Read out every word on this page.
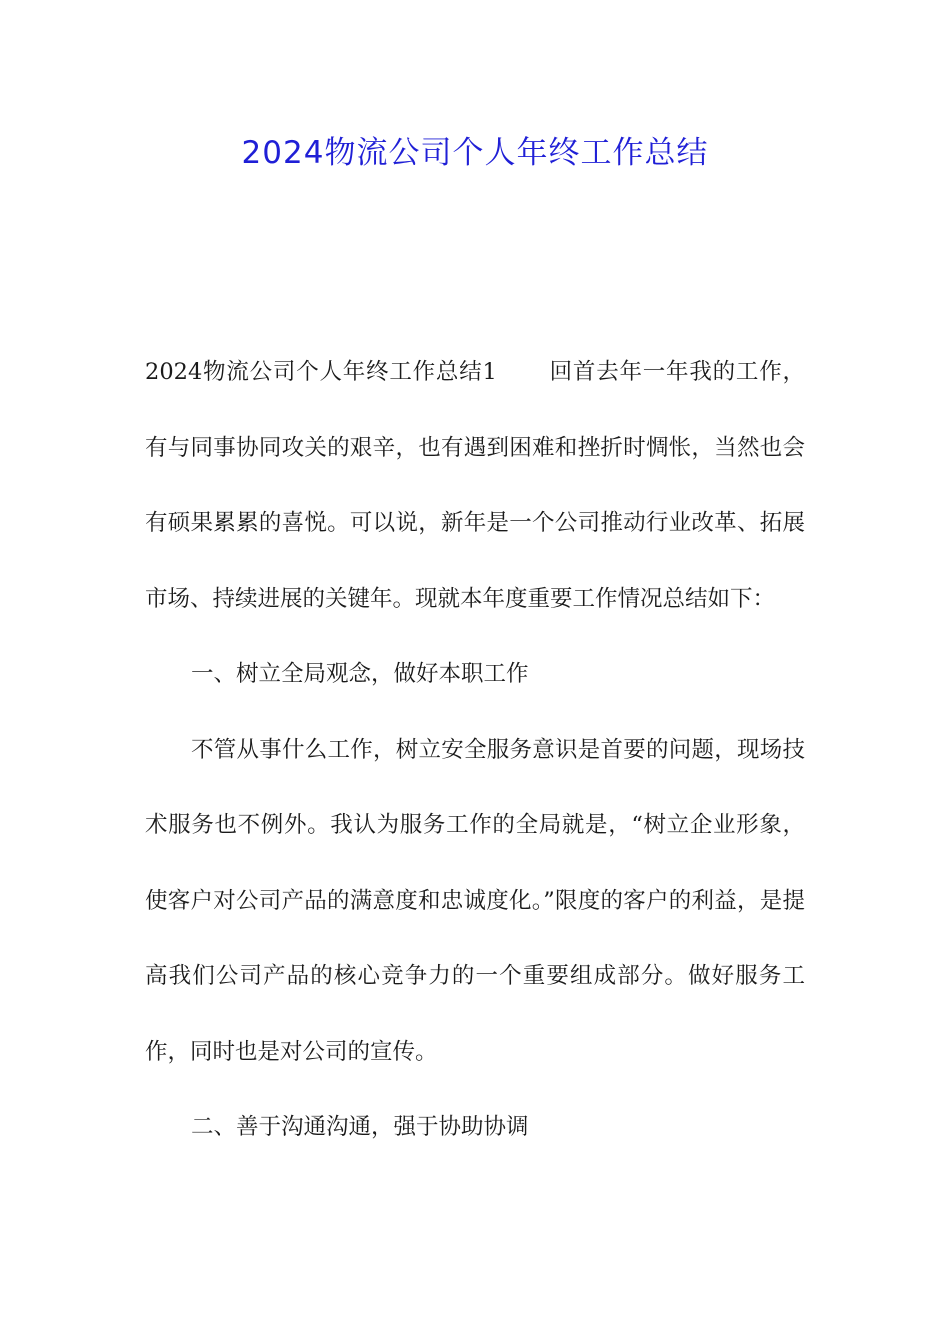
2024物流公司个人年终工作总结

2024物流公司个人年终工作总结1 回首去年一年我的工作，有与同事协同攻关的艰辛，也有遇到困难和挫折时惆怅，当然也会有硕果累累的喜悦。可以说，新年是一个公司推动行业改革、拓展市场、持续进展的关键年。现就本年度重要工作情况总结如下：

一、树立全局观念，做好本职工作

不管从事什么工作，树立安全服务意识是首要的问题，现场技术服务也不例外。我认为服务工作的全局就是，“树立企业形象，使客户对公司产品的满意度和忠诚度化。”限度的客户的利益，是提高我们公司产品的核心竞争力的一个重要组成部分。做好服务工作，同时也是对公司的宣传。

二、善于沟通沟通，强于协助协调
